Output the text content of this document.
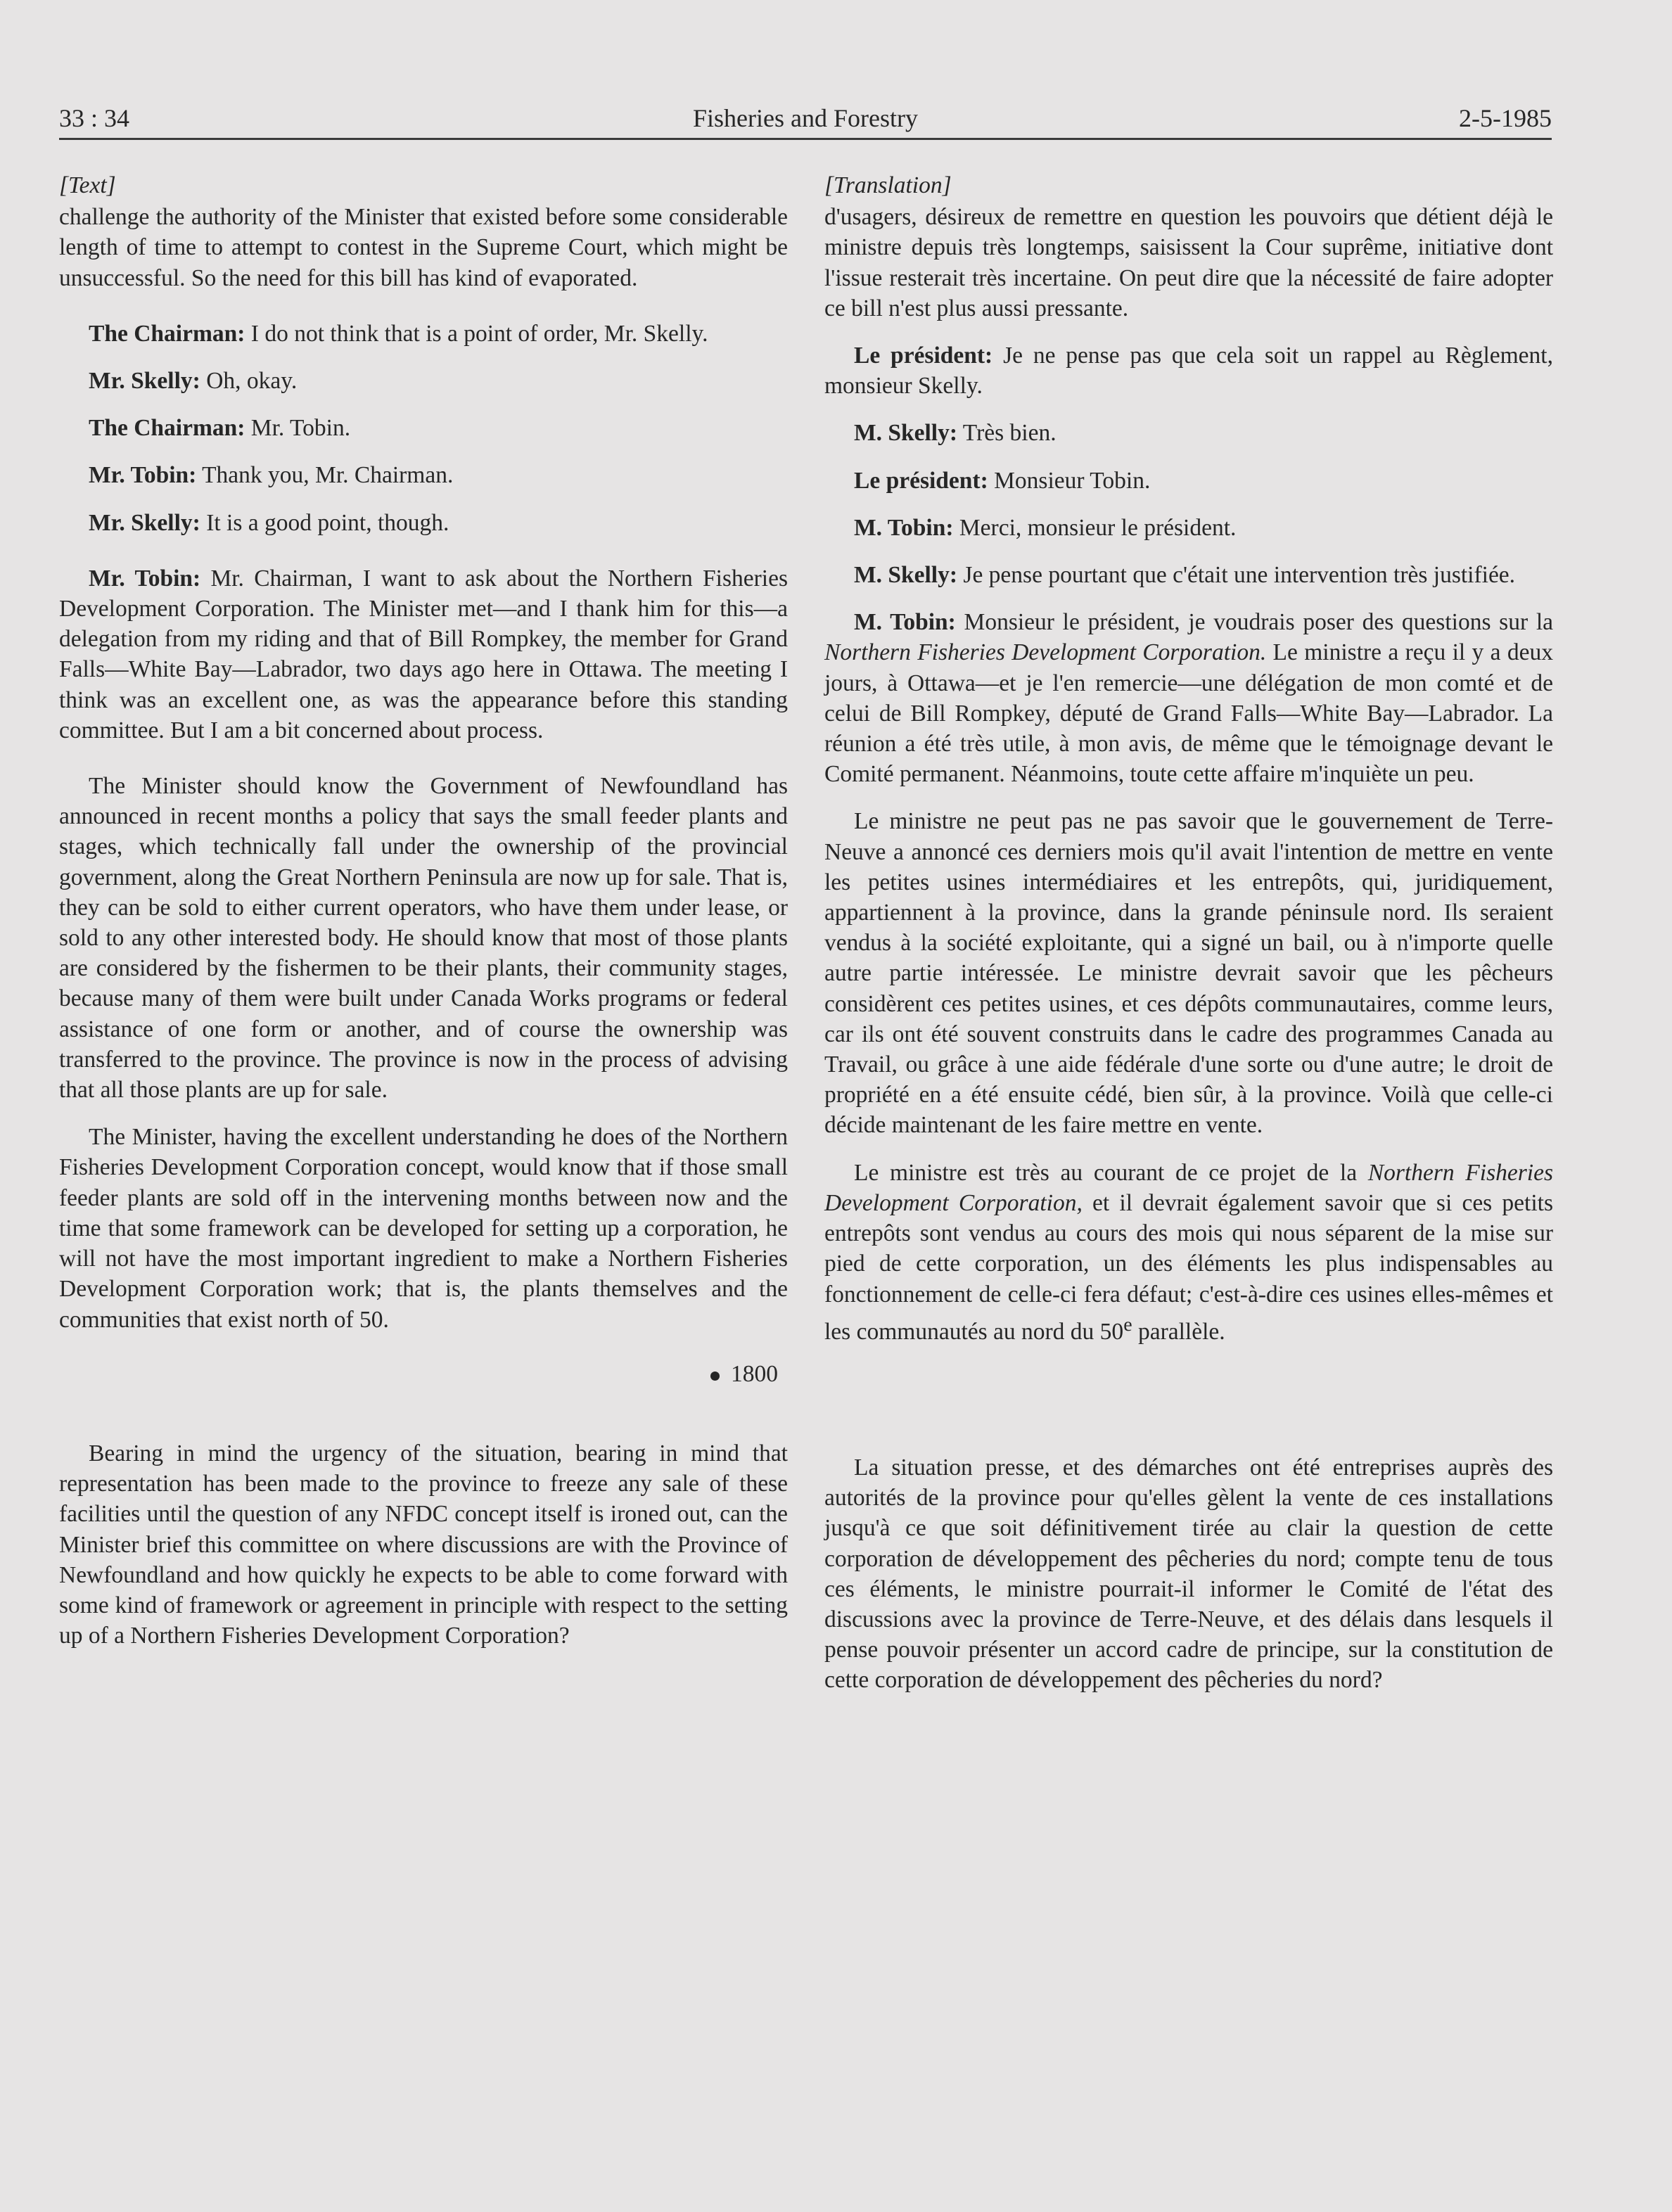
33 : 34	Fisheries and Forestry	2-5-1985
[Text]

challenge the authority of the Minister that existed before some considerable length of time to attempt to contest in the Supreme Court, which might be unsuccessful. So the need for this bill has kind of evaporated.

The Chairman: I do not think that is a point of order, Mr. Skelly.

Mr. Skelly: Oh, okay.

The Chairman: Mr. Tobin.

Mr. Tobin: Thank you, Mr. Chairman.

Mr. Skelly: It is a good point, though.

Mr. Tobin: Mr. Chairman, I want to ask about the Northern Fisheries Development Corporation. The Minister met—and I thank him for this—a delegation from my riding and that of Bill Rompkey, the member for Grand Falls—White Bay—Labrador, two days ago here in Ottawa. The meeting I think was an excellent one, as was the appearance before this standing committee. But I am a bit concerned about process.

The Minister should know the Government of Newfoundland has announced in recent months a policy that says the small feeder plants and stages, which technically fall under the ownership of the provincial government, along the Great Northern Peninsula are now up for sale. That is, they can be sold to either current operators, who have them under lease, or sold to any other interested body. He should know that most of those plants are considered by the fishermen to be their plants, their community stages, because many of them were built under Canada Works programs or federal assistance of one form or another, and of course the ownership was transferred to the province. The province is now in the process of advising that all those plants are up for sale.

The Minister, having the excellent understanding he does of the Northern Fisheries Development Corporation concept, would know that if those small feeder plants are sold off in the intervening months between now and the time that some framework can be developed for setting up a corporation, he will not have the most important ingredient to make a Northern Fisheries Development Corporation work; that is, the plants themselves and the communities that exist north of 50.

1800

Bearing in mind the urgency of the situation, bearing in mind that representation has been made to the province to freeze any sale of these facilities until the question of any NFDC concept itself is ironed out, can the Minister brief this committee on where discussions are with the Province of Newfoundland and how quickly he expects to be able to come forward with some kind of framework or agreement in principle with respect to the setting up of a Northern Fisheries Development Corporation?

[Translation]

d'usagers, désireux de remettre en question les pouvoirs que détient déjà le ministre depuis très longtemps, saisissent la Cour suprême, initiative dont l'issue resterait très incertaine. On peut dire que la nécessité de faire adopter ce bill n'est plus aussi pressante.

Le président: Je ne pense pas que cela soit un rappel au Règlement, monsieur Skelly.

M. Skelly: Très bien.

Le président: Monsieur Tobin.

M. Tobin: Merci, monsieur le président.

M. Skelly: Je pense pourtant que c'était une intervention très justifiée.

M. Tobin: Monsieur le président, je voudrais poser des questions sur la Northern Fisheries Development Corporation. Le ministre a reçu il y a deux jours, à Ottawa—et je l'en remercie—une délégation de mon comté et de celui de Bill Rompkey, député de Grand Falls—White Bay—Labrador. La réunion a été très utile, à mon avis, de même que le témoignage devant le Comité permanent. Néanmoins, toute cette affaire m'inquiète un peu.

Le ministre ne peut pas ne pas savoir que le gouvernement de Terre-Neuve a annoncé ces derniers mois qu'il avait l'intention de mettre en vente les petites usines intermédiaires et les entrepôts, qui, juridiquement, appartiennent à la province, dans la grande péninsule nord. Ils seraient vendus à la société exploitante, qui a signé un bail, ou à n'importe quelle autre partie intéressée. Le ministre devrait savoir que les pêcheurs considèrent ces petites usines, et ces dépôts communautaires, comme leurs, car ils ont été souvent construits dans le cadre des programmes Canada au Travail, ou grâce à une aide fédérale d'une sorte ou d'une autre; le droit de propriété en a été ensuite cédé, bien sûr, à la province. Voilà que celle-ci décide maintenant de les faire mettre en vente.

Le ministre est très au courant de ce projet de la Northern Fisheries Development Corporation, et il devrait également savoir que si ces petits entrepôts sont vendus au cours des mois qui nous séparent de la mise sur pied de cette corporation, un des éléments les plus indispensables au fonctionnement de celle-ci fera défaut; c'est-à-dire ces usines elles-mêmes et les communautés au nord du 50e parallèle.

La situation presse, et des démarches ont été entreprises auprès des autorités de la province pour qu'elles gèlent la vente de ces installations jusqu'à ce que soit définitivement tirée au clair la question de cette corporation de développement des pêcheries du nord; compte tenu de tous ces éléments, le ministre pourrait-il informer le Comité de l'état des discussions avec la province de Terre-Neuve, et des délais dans lesquels il pense pouvoir présenter un accord cadre de principe, sur la constitution de cette corporation de développement des pêcheries du nord?
